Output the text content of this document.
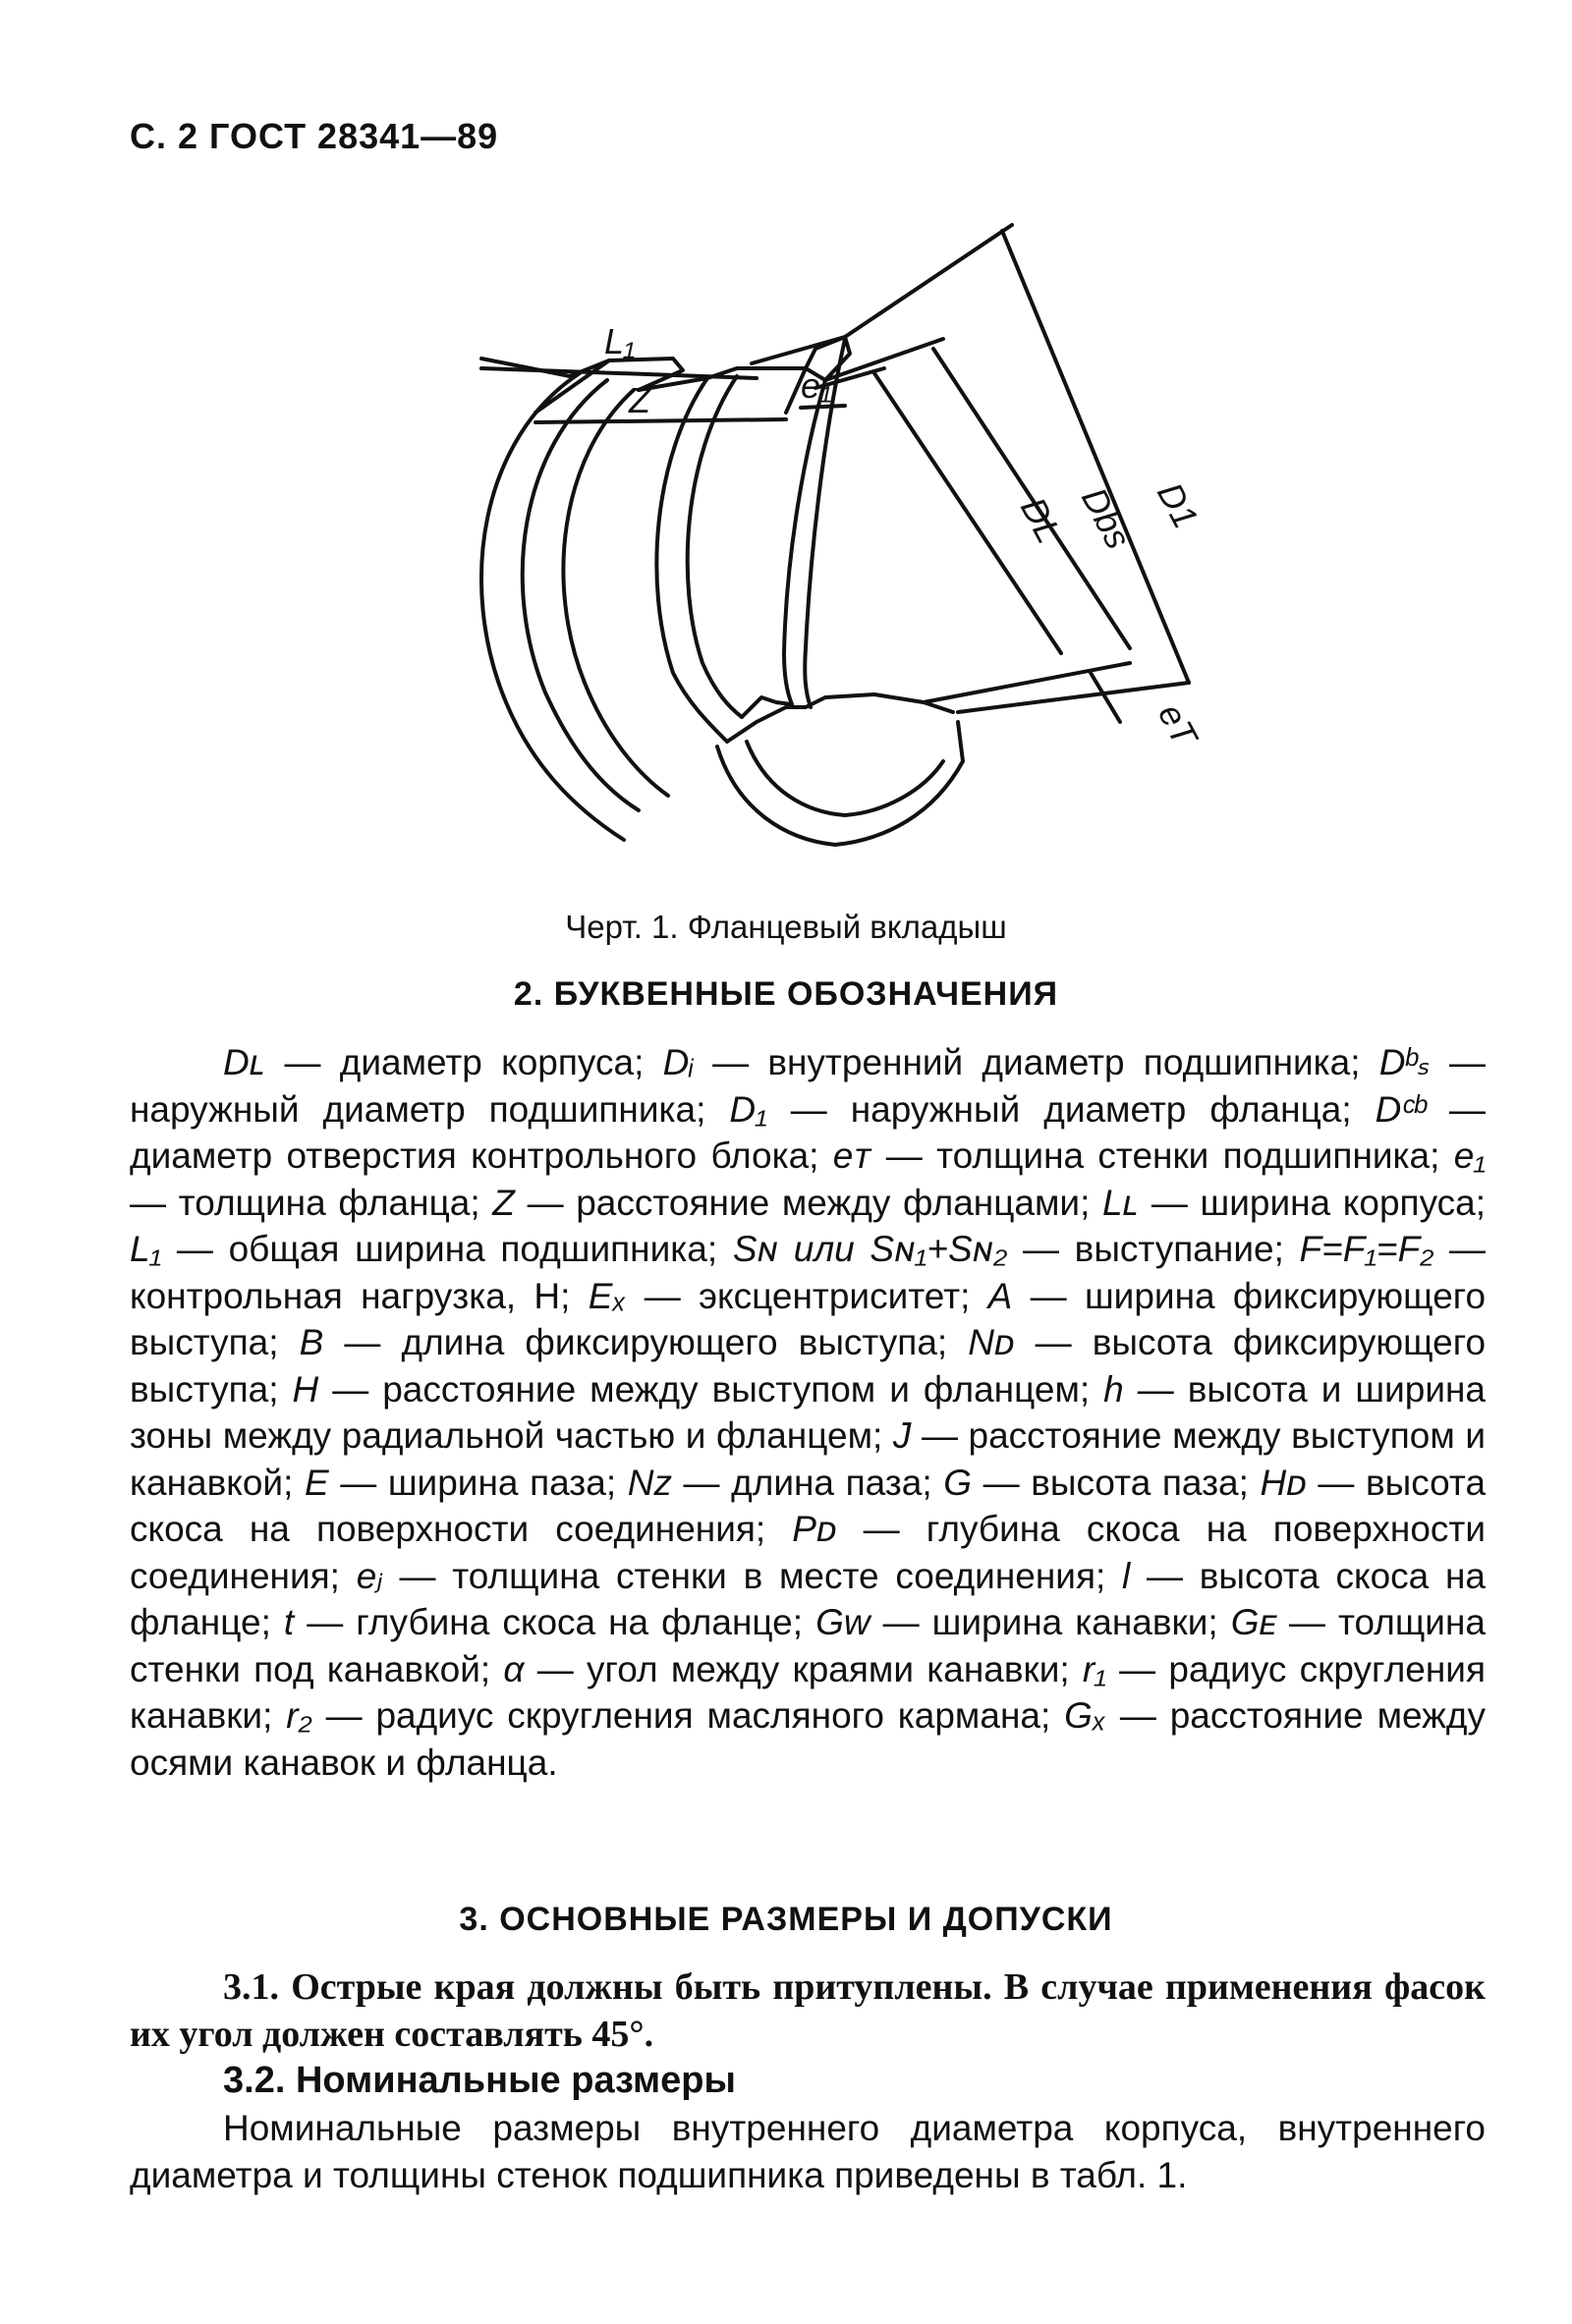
С. 2 ГОСТ 28341—89
L₁
Z	e₁
DL Dbs D1
eT
Черт. 1. Фланцевый вкладыш
2. БУКВЕННЫЕ ОБОЗНАЧЕНИЯ
Dʟ — диаметр корпуса; Dᵢ — внутренний диаметр подшипника; Dᵇₛ — наружный диаметр подшипника; D₁ — наружный диаметр фланца; Dᶜᵇ — диаметр отверстия контрольного блока; eᴛ — толщина стенки подшипника; e₁ — толщина фланца; Z — расстояние между фланцами; Lʟ — ширина корпуса; L₁ — общая ширина подшипника; Sɴ или Sɴ₁+Sɴ₂ — выступание; F=F₁=F₂ — контрольная нагрузка, Н; Eₓ — эксцентриситет; A — ширина фиксирующего выступа; B — длина фиксирующего выступа; Nᴅ — высота фиксирующего выступа; H — расстояние между выступом и фланцем; h — высота и ширина зоны между радиальной частью и фланцем; J — расстояние между выступом и канавкой; E — ширина паза; Nᴢ — длина паза; G — высота паза; Hᴅ — высота скоса на поверхности соединения; Pᴅ — глубина скоса на поверхности соединения; eⱼ — толщина стенки в месте соединения; l — высота скоса на фланце; t — глубина скоса на фланце; Gᴡ — ширина канавки; Gᴇ — толщина стенки под канавкой; α — угол между краями канавки; r₁ — радиус скругления канавки; r₂ — радиус скругления масляного кармана; Gₓ — расстояние между осями канавок и фланца.
3. ОСНОВНЫЕ РАЗМЕРЫ И ДОПУСКИ
3.1. Острые края должны быть притуплены. В случае применения фасок их угол должен составлять 45°.
3.2. Номинальные размеры
Номинальные размеры внутреннего диаметра корпуса, внутреннего диаметра и толщины стенок подшипника приведены в табл. 1.
